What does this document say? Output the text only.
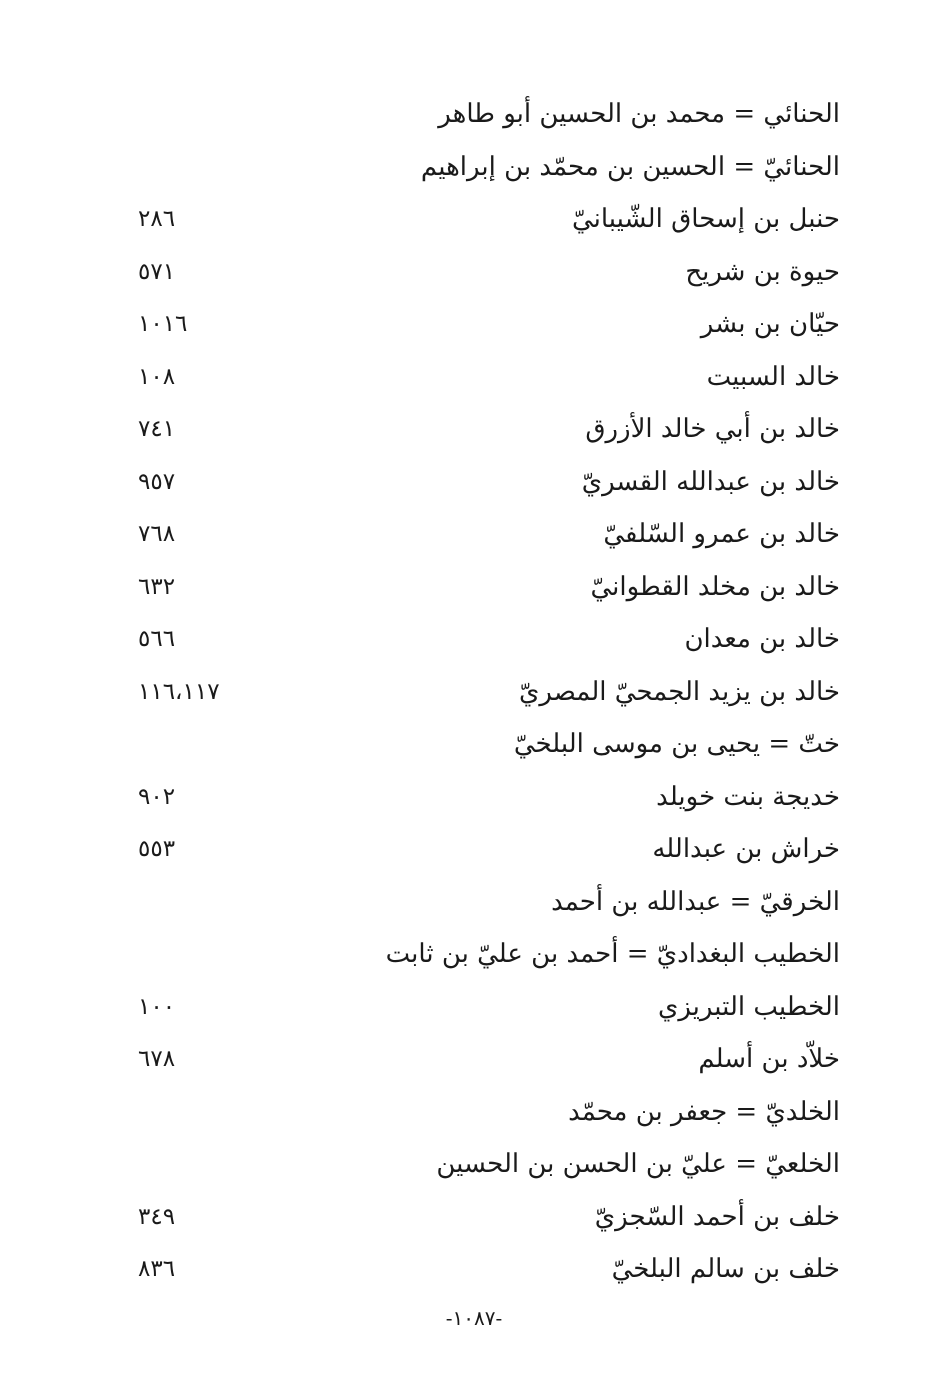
الحنائي = محمد بن الحسين أبو طاهر
الحنائيّ = الحسين بن محمّد بن إبراهيم
حنبل بن إسحاق الشّيبانيّ
٢٨٦
حيوة بن شريح
٥٧١
حيّان بن بشر
١٠١٦
خالد السبيت
١٠٨
خالد بن أبي خالد الأزرق
٧٤١
خالد بن عبدالله القسريّ
٩٥٧
خالد بن عمرو السّلفيّ
٧٦٨
خالد بن مخلد القطوانيّ
٦٣٢
خالد بن معدان
٥٦٦
خالد بن يزيد الجمحيّ المصريّ
١١٦،١١٧
ختّ = يحيى بن موسى البلخيّ
خديجة بنت خويلد
٩٠٢
خراش بن عبدالله
٥٥٣
الخرقيّ = عبدالله بن أحمد
الخطيب البغداديّ = أحمد بن عليّ بن ثابت
الخطيب التبريزي
١٠٠
خلاّد بن أسلم
٦٧٨
الخلديّ = جعفر بن محمّد
الخلعيّ = عليّ بن الحسن بن الحسين
خلف بن أحمد السّجزيّ
٣٤٩
خلف بن سالم البلخيّ
٨٣٦
-١٠٨٧-
